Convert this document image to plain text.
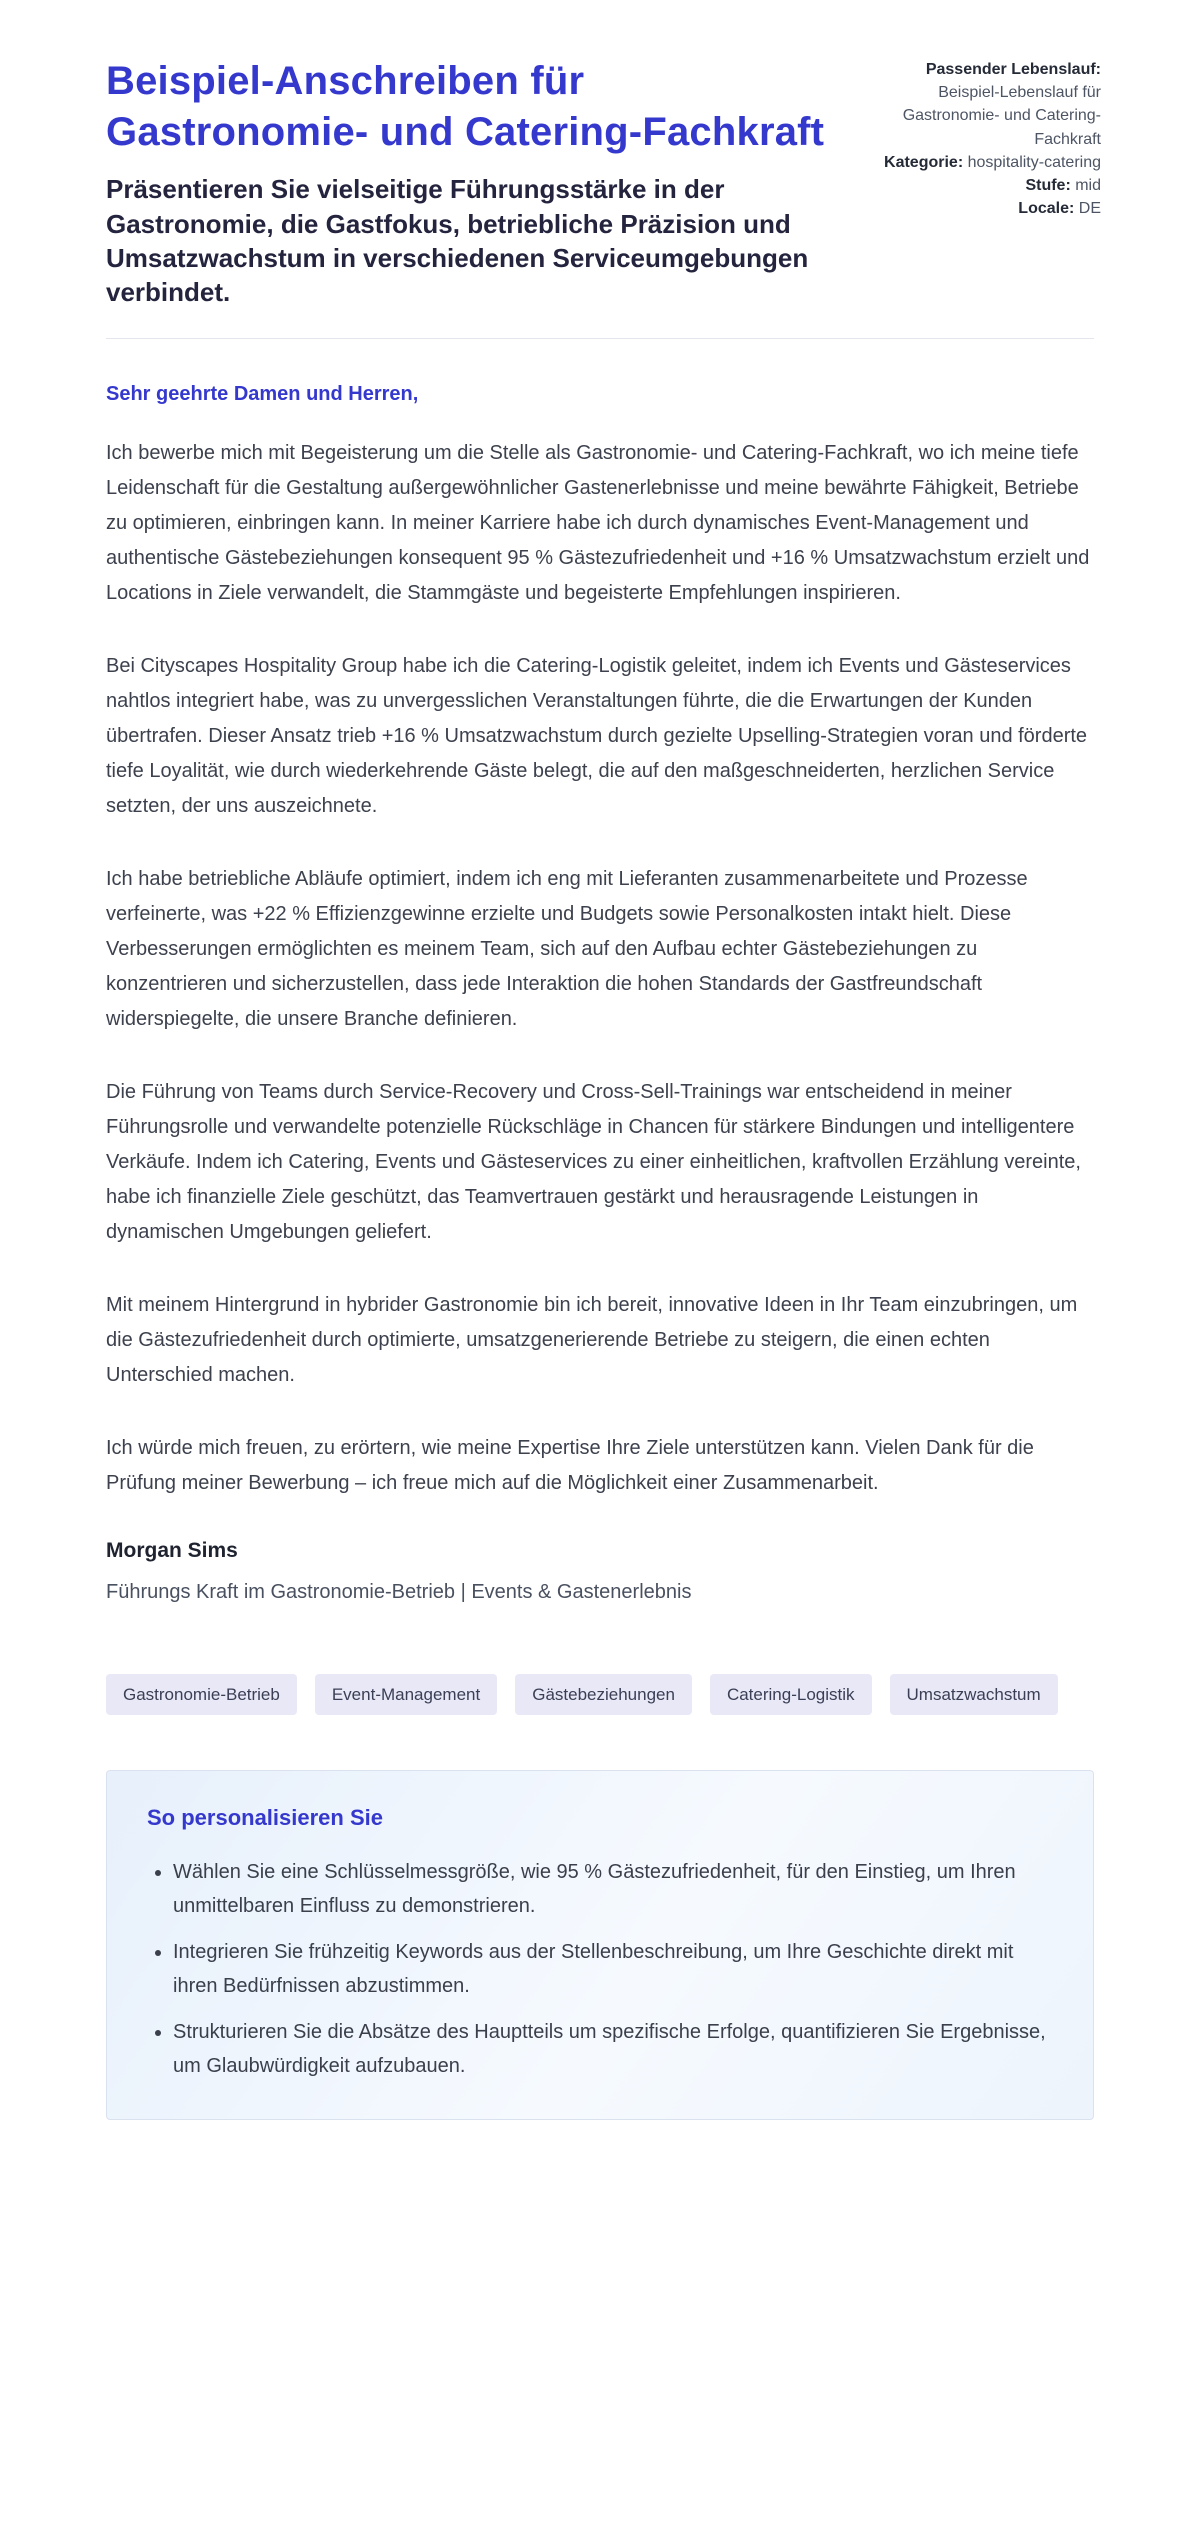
Beispiel-Anschreiben für Gastronomie- und Catering-Fachkraft

Präsentieren Sie vielseitige Führungsstärke in der Gastronomie, die Gastfokus, betriebliche Präzision und Umsatzwachstum in verschiedenen Serviceumgebungen verbindet.

Passender Lebenslauf: Beispiel-Lebenslauf für Gastronomie- und Catering-Fachkraft
Kategorie: hospitality-catering
Stufe: mid
Locale: DE

Sehr geehrte Damen und Herren,

Ich bewerbe mich mit Begeisterung um die Stelle als Gastronomie- und Catering-Fachkraft, wo ich meine tiefe Leidenschaft für die Gestaltung außergewöhnlicher Gastenerlebnisse und meine bewährte Fähigkeit, Betriebe zu optimieren, einbringen kann. In meiner Karriere habe ich durch dynamisches Event-Management und authentische Gästebeziehungen konsequent 95 % Gästezufriedenheit und +16 % Umsatzwachstum erzielt und Locations in Ziele verwandelt, die Stammgäste und begeisterte Empfehlungen inspirieren.

Bei Cityscapes Hospitality Group habe ich die Catering-Logistik geleitet, indem ich Events und Gästeservices nahtlos integriert habe, was zu unvergesslichen Veranstaltungen führte, die die Erwartungen der Kunden übertrafen. Dieser Ansatz trieb +16 % Umsatzwachstum durch gezielte Upselling-Strategien voran und förderte tiefe Loyalität, wie durch wiederkehrende Gäste belegt, die auf den maßgeschneiderten, herzlichen Service setzten, der uns auszeichnete.

Ich habe betriebliche Abläufe optimiert, indem ich eng mit Lieferanten zusammenarbeitete und Prozesse verfeinerte, was +22 % Effizienzgewinne erzielte und Budgets sowie Personalkosten intakt hielt. Diese Verbesserungen ermöglichten es meinem Team, sich auf den Aufbau echter Gästebeziehungen zu konzentrieren und sicherzustellen, dass jede Interaktion die hohen Standards der Gastfreundschaft widerspiegelte, die unsere Branche definieren.

Die Führung von Teams durch Service-Recovery und Cross-Sell-Trainings war entscheidend in meiner Führungsrolle und verwandelte potenzielle Rückschläge in Chancen für stärkere Bindungen und intelligentere Verkäufe. Indem ich Catering, Events und Gästeservices zu einer einheitlichen, kraftvollen Erzählung vereinte, habe ich finanzielle Ziele geschützt, das Teamvertrauen gestärkt und herausragende Leistungen in dynamischen Umgebungen geliefert.

Mit meinem Hintergrund in hybrider Gastronomie bin ich bereit, innovative Ideen in Ihr Team einzubringen, um die Gästezufriedenheit durch optimierte, umsatzgenerierende Betriebe zu steigern, die einen echten Unterschied machen.

Ich würde mich freuen, zu erörtern, wie meine Expertise Ihre Ziele unterstützen kann. Vielen Dank für die Prüfung meiner Bewerbung – ich freue mich auf die Möglichkeit einer Zusammenarbeit.

Morgan Sims

Führungs Kraft im Gastronomie-Betrieb | Events & Gastenerlebnis

Gastronomie-Betrieb	Event-Management	Gästebeziehungen	Catering-Logistik	Umsatzwachstum
So personalisieren Sie
• Wählen Sie eine Schlüsselmessgröße, wie 95 % Gästezufriedenheit, für den Einstieg, um Ihren unmittelbaren Einfluss zu demonstrieren.
• Integrieren Sie frühzeitig Keywords aus der Stellenbeschreibung, um Ihre Geschichte direkt mit ihren Bedürfnissen abzustimmen.
• Strukturieren Sie die Absätze des Hauptteils um spezifische Erfolge, quantifizieren Sie Ergebnisse, um Glaubwürdigkeit aufzubauen.
